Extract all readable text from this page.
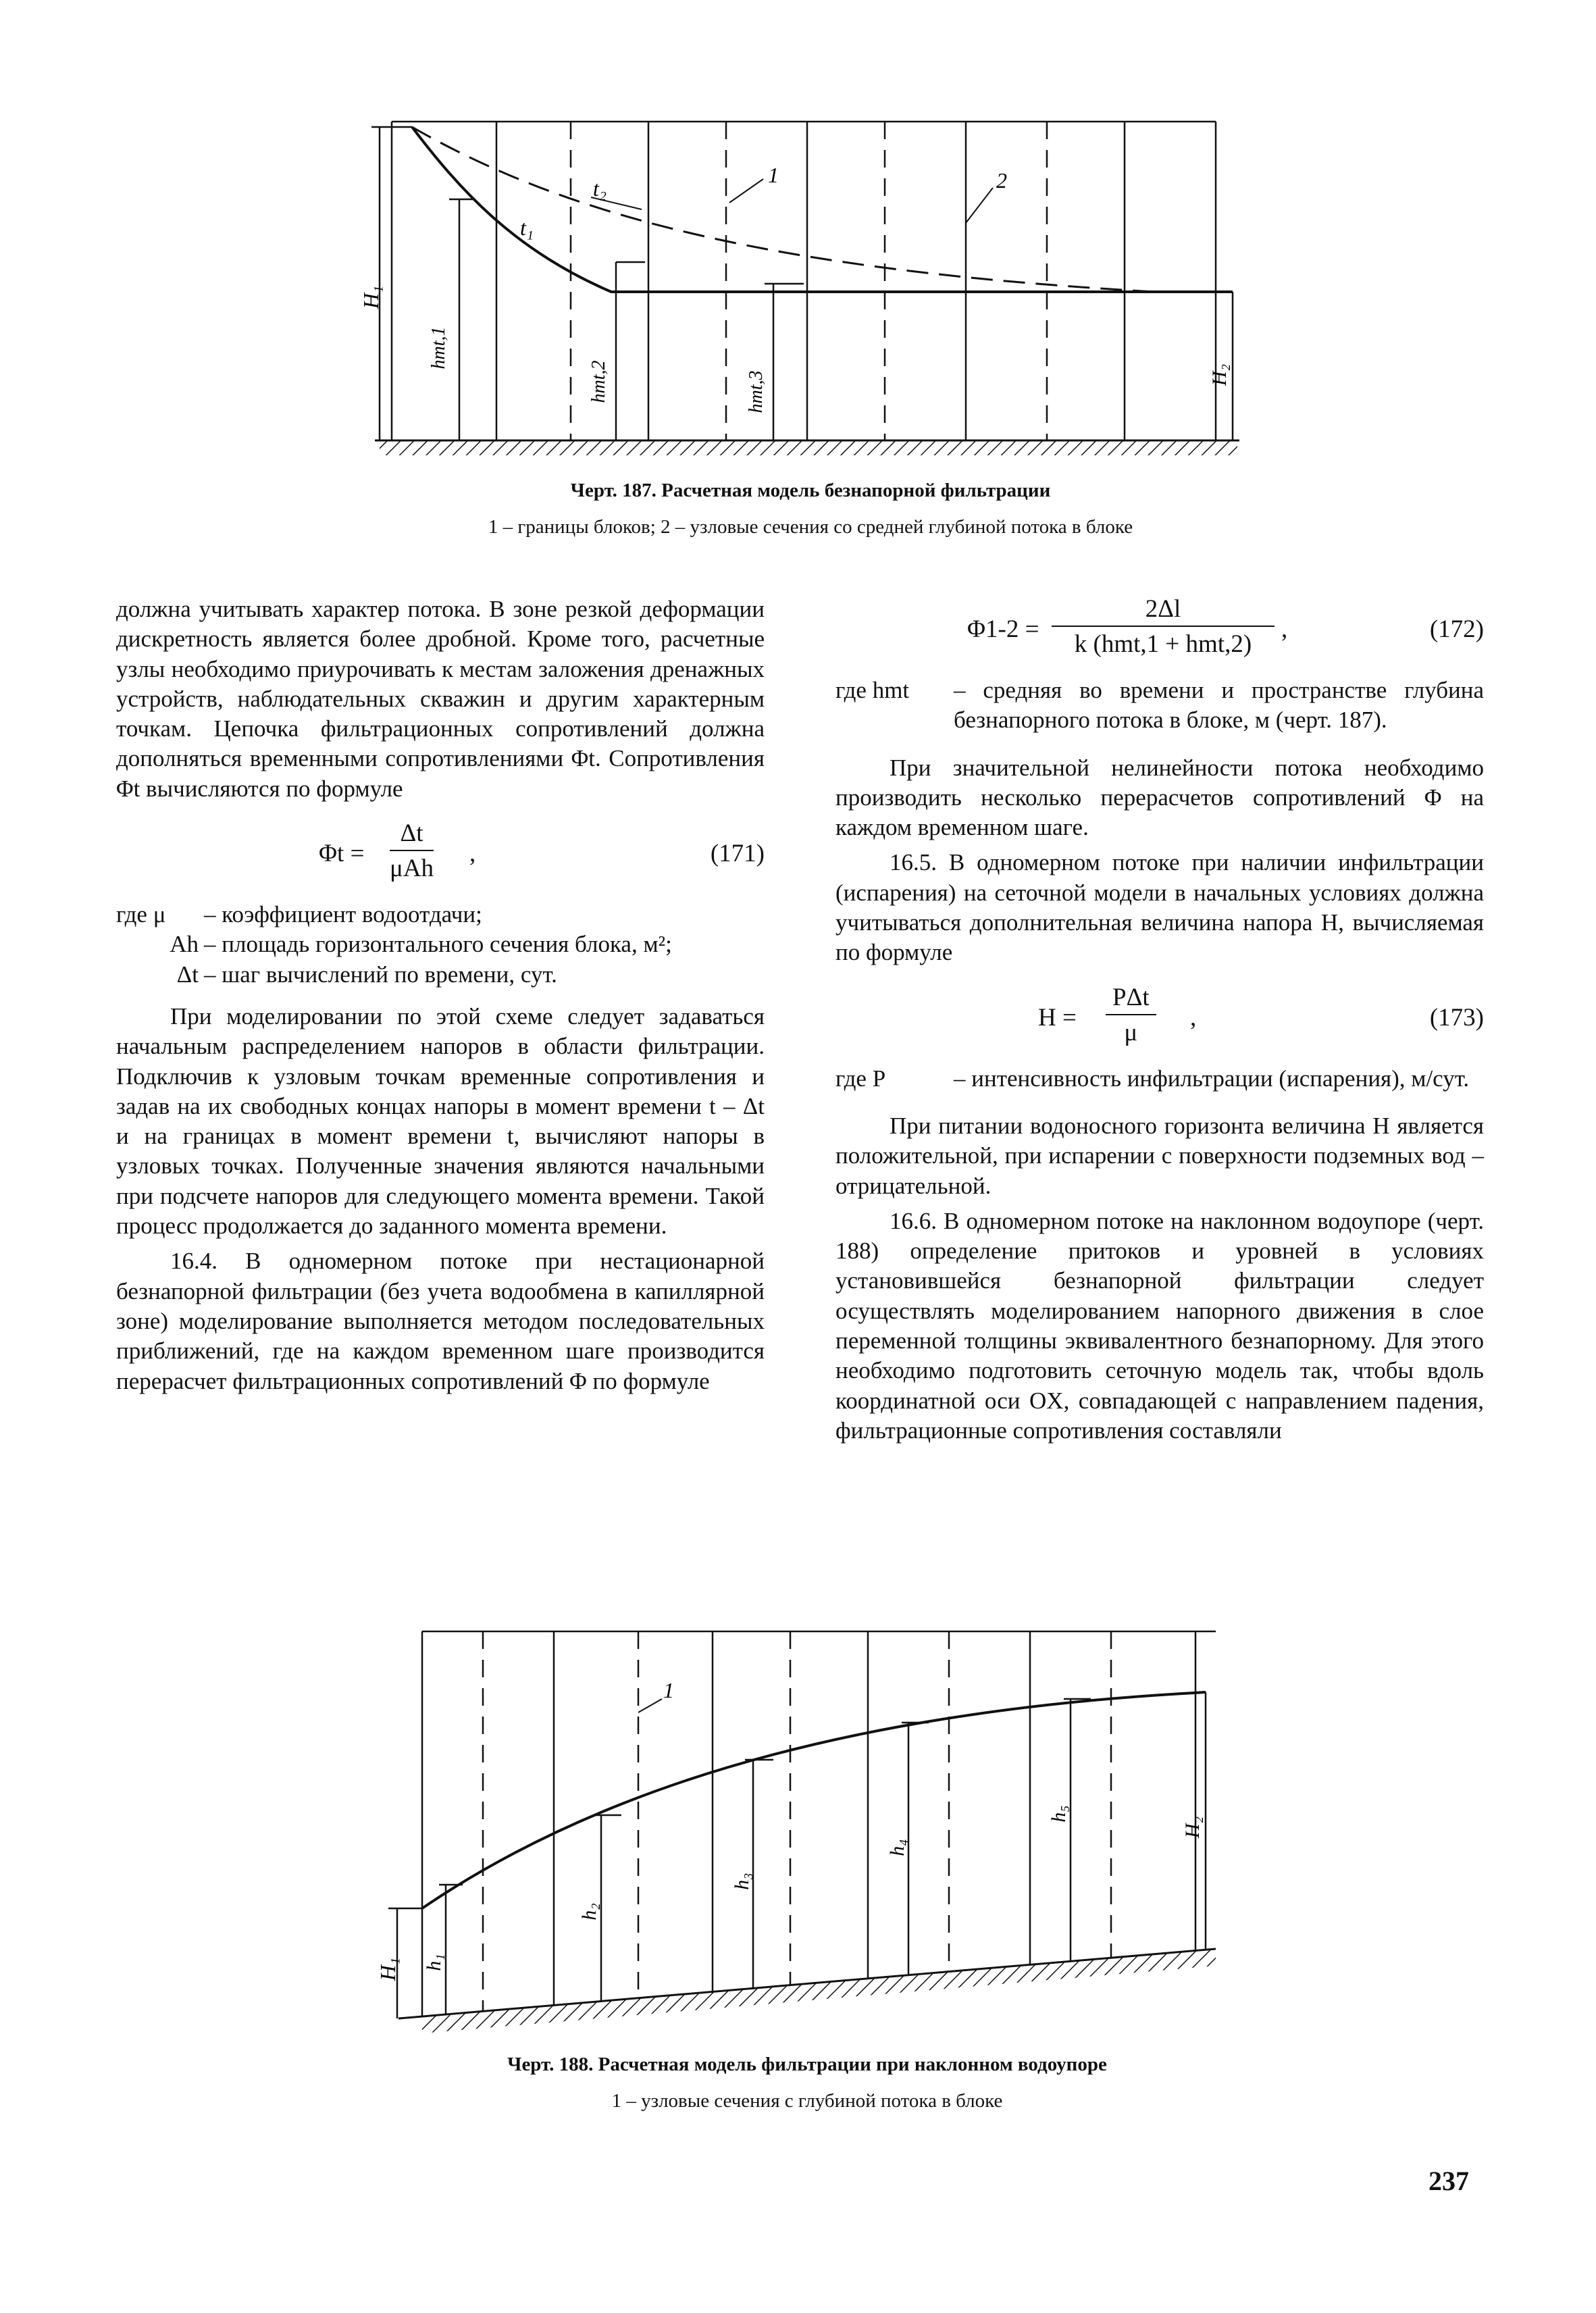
H₁
H₂
hmt,1
hmt,2	hmt,3
t₁
t₂
1	2
Черт. 187. Расчетная модель безнапорной фильтрации
1 – границы блоков; 2 – узловые сечения со средней глубиной потока в блоке

должна учитывать характер потока. В зоне резкой деформации дискретность является более дробной. Кроме того, расчетные узлы необходимо приурочивать к местам заложения дренажных устройств, наблюдательных скважин и другим характерным точкам. Цепочка фильтрационных сопротивлений должна дополняться временными сопротивлениями Φt. Сопротивления Φt вычисляются по формуле

Φt =
Δt
μAh
,	(171)
где μ	– коэффициент водоотдачи;
Ah – площадь горизонтального сечения блока, м²;
Δt – шаг вычислений по времени, сут.

При моделировании по этой схеме следует задаваться начальным распределением напоров в области фильтрации. Подключив к узловым точкам временные сопротивления и задав на их свободных концах напоры в момент времени t – Δt и на границах в момент времени t, вычисляют напоры в узловых точках. Полученные значения являются начальными при подсчете напоров для следующего момента времени. Такой процесс продолжается до заданного момента времени.

16.4. В одномерном потоке при нестационарной безнапорной фильтрации (без учета водообмена в капиллярной зоне) моделирование выполняется методом последовательных приближений, где на каждом временном шаге производится перерасчет фильтрационных сопротивлений Φ по формуле

Φ1-2 =
2Δl
k (hmt,1 + hmt,2)
,	(172)
где hmt	– средняя во времени и пространстве глубина безнапорного потока в блоке, м (черт. 187).

При значительной нелинейности потока необходимо производить несколько перерасчетов сопротивлений Φ на каждом временном шаге.

16.5. В одномерном потоке при наличии инфильтрации (испарения) на сеточной модели в начальных условиях должна учитываться дополнительная величина напора H, вычисляемая по формуле

H =
PΔt
μ
,	(173)
где P	– интенсивность инфильтрации (испарения), м/сут.

При питании водоносного горизонта величина H является положительной, при испарении с поверхности подземных вод – отрицательной.

16.6. В одномерном потоке на наклонном водоупоре (черт. 188) определение притоков и уровней в условиях установившейся безнапорной фильтрации следует осуществлять моделированием напорного движения в слое переменной толщины эквивалентного безнапорному. Для этого необходимо подготовить сеточную модель так, чтобы вдоль координатной оси OX, совпадающей с направлением падения, фильтрационные сопротивления составляли

H₁ h₁
h₂
h₃
h₄
h₅
H₂
1
Черт. 188. Расчетная модель фильтрации при наклонном водоупоре
1 – узловые сечения с глубиной потока в блоке
237
